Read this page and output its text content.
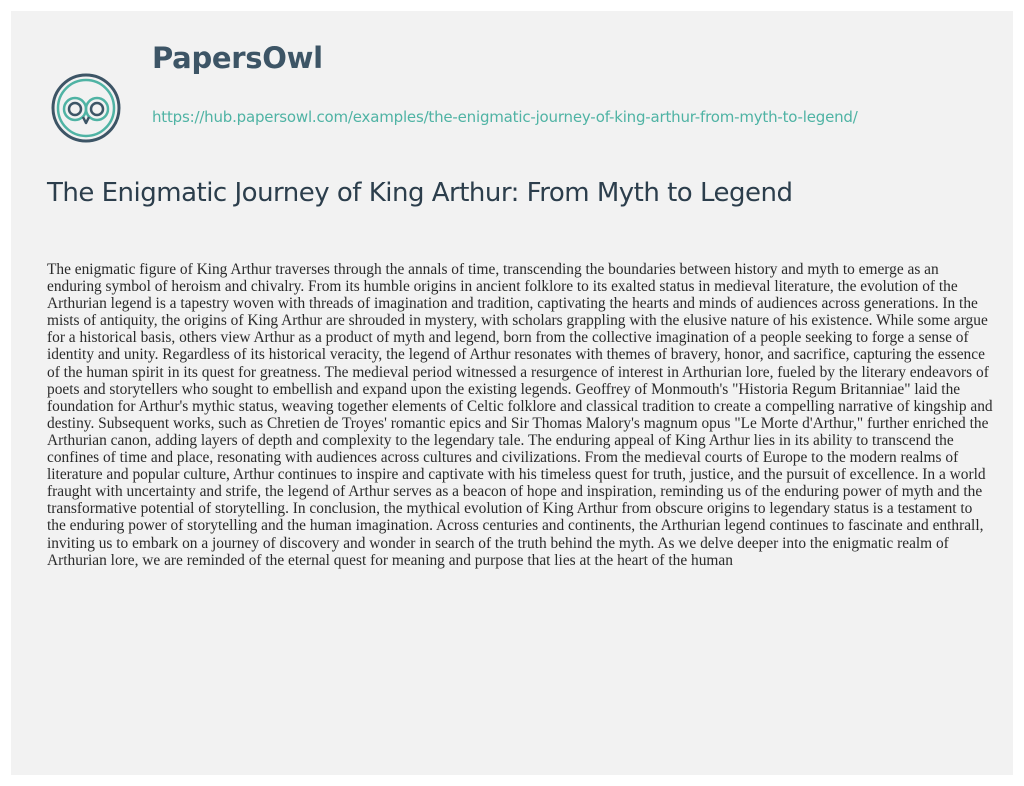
PapersOwl
https://hub.papersowl.com/examples/the-enigmatic-journey-of-king-arthur-from-myth-to-legend/
The Enigmatic Journey of King Arthur: From Myth to Legend

The enigmatic figure of King Arthur traverses through the annals of time, transcending the boundaries between history and myth to emerge as an enduring symbol of heroism and chivalry. From its humble origins in ancient folklore to its exalted status in medieval literature, the evolution of the Arthurian legend is a tapestry woven with threads of imagination and tradition, captivating the hearts and minds of audiences across generations. In the mists of antiquity, the origins of King Arthur are shrouded in mystery, with scholars grappling with the elusive nature of his existence. While some argue for a historical basis, others view Arthur as a product of myth and legend, born from the collective imagination of a people seeking to forge a sense of identity and unity. Regardless of its historical veracity, the legend of Arthur resonates with themes of bravery, honor, and sacrifice, capturing the essence of the human spirit in its quest for greatness. The medieval period witnessed a resurgence of interest in Arthurian lore, fueled by the literary endeavors of poets and storytellers who sought to embellish and expand upon the existing legends. Geoffrey of Monmouth's "Historia Regum Britanniae" laid the foundation for Arthur's mythic status, weaving together elements of Celtic folklore and classical tradition to create a compelling narrative of kingship and destiny. Subsequent works, such as Chretien de Troyes' romantic epics and Sir Thomas Malory's magnum opus "Le Morte d'Arthur," further enriched the Arthurian canon, adding layers of depth and complexity to the legendary tale. The enduring appeal of King Arthur lies in its ability to transcend the confines of time and place, resonating with audiences across cultures and civilizations. From the medieval courts of Europe to the modern realms of literature and popular culture, Arthur continues to inspire and captivate with his timeless quest for truth, justice, and the pursuit of excellence. In a world fraught with uncertainty and strife, the legend of Arthur serves as a beacon of hope and inspiration, reminding us of the enduring power of myth and the transformative potential of storytelling. In conclusion, the mythical evolution of King Arthur from obscure origins to legendary status is a testament to the enduring power of storytelling and the human imagination. Across centuries and continents, the Arthurian legend continues to fascinate and enthrall, inviting us to embark on a journey of discovery and wonder in search of the truth behind the myth. As we delve deeper into the enigmatic realm of Arthurian lore, we are reminded of the eternal quest for meaning and purpose that lies at the heart of the human
